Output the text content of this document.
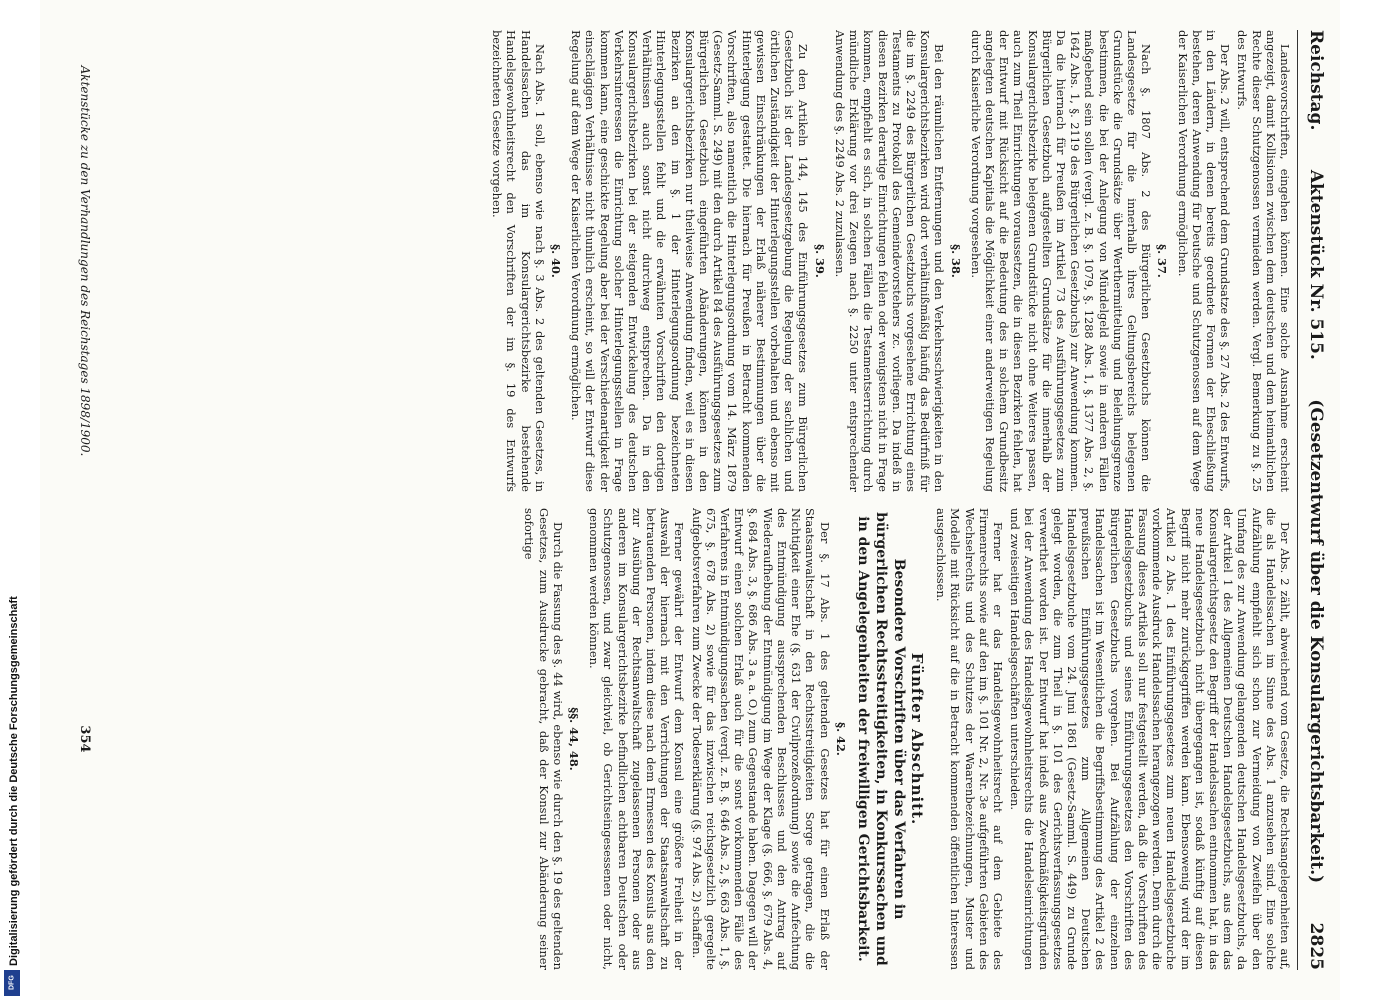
Reichstag.
Aktenstück Nr. 515.
(Gesetzentwurf über die Konsulargerichtsbarkeit.)
2825
Landesvorschriften, eingehen können. Eine solche Ausnahme erscheint angezeigt, damit Kollisionen zwischen dem deutschen und dem heimathlichen Rechte dieser Schutzgenossen vermieden werden. Vergl. Bemerkung zu §. 25 des Entwurfs.
Der Abs. 2 will, entsprechend dem Grundsatze des §. 27 Abs. 2 des Entwurfs, in den Ländern, in denen bereits geordnete Formen der Eheschließung bestehen, deren Anwendung für Deutsche und Schutzgenossen auf dem Wege der Kaiserlichen Verordnung ermöglichen.
§. 37.
Nach §. 1807 Abs. 2 des Bürgerlichen Gesetzbuchs können die Landesgesetze für die innerhalb ihres Geltungsbereichs belegenen Grundstücke die Grundsätze über Werthermittelung und Beleihungsgrenze bestimmen, die bei der Anlegung von Mündelgeld sowie in anderen Fällen maßgebend sein sollen (vergl. z. B. §. 1079, §. 1288 Abs. 1, §. 1377 Abs. 2, §. 1642 Abs. 1, §. 2119 des Bürgerlichen Gesetzbuchs) zur Anwendung kommen. Da die hiernach für Preußen im Artikel 73 des Ausführungsgesetzes zum Bürgerlichen Gesetzbuch aufgestellten Grundsätze für die innerhalb der Konsulargerichtsbezirke belegenen Grundstücke nicht ohne Weiteres passen, auch zum Theil Einrichtungen voraussetzen, die in diesen Bezirken fehlen, hat der Entwurf mit Rücksicht auf die Bedeutung des in solchem Grundbesitz angelegten deutschen Kapitals die Möglichkeit einer anderweitigen Regelung durch Kaiserliche Verordnung vorgesehen.
§. 38.
Bei den räumlichen Entfernungen und den Verkehrsschwierigkeiten in den Konsulargerichtsbezirken wird dort verhältnißmäßig häufig das Bedürfniß für die im §. 2249 des Bürgerlichen Gesetzbuchs vorgesehene Errichtung eines Testaments zu Protokoll des Gemeindevorstehers zc. vorliegen. Da indeß in diesen Bezirken derartige Einrichtungen fehlen oder wenigstens nicht in Frage kommen, empfiehlt es sich, in solchen Fällen die Testamentserrichtung durch mündliche Erklärung vor drei Zeugen nach §. 2250 unter entsprechender Anwendung des §. 2249 Abs. 2 zuzulassen.
§. 39.
Zu den Artikeln 144, 145 des Einführungsgesetzes zum Bürgerlichen Gesetzbuch ist der Landesgesetzgebung die Regelung der sachlichen und örtlichen Zuständigkeit der Hinterlegungsstellen vorbehalten und ebenso mit gewissen Einschränkungen der Erlaß näherer Bestimmungen über die Hinterlegung gestattet. Die hiernach für Preußen in Betracht kommenden Vorschriften, also namentlich die Hinterlegungsordnung vom 14. März 1879 (Gesetz-Samml. S. 249) mit den durch Artikel 84 des Ausführungsgesetzes zum Bürgerlichen Gesetzbuch eingeführten Abänderungen, können in den Konsulargerichtsbezirken nur theilweise Anwendung finden, weil es in diesen Bezirken an den im §. 1 der Hinterlegungsordnung bezeichneten Hinterlegungsstellen fehlt und die erwähnten Vorschriften den dortigen Verhältnissen auch sonst nicht durchweg entsprechen. Da in den Konsulargerichtsbezirken bei der steigenden Entwickelung des deutschen Verkehrsinteressen die Einrichtung solcher Hinterlegungsstellen in Frage kommen kann, eine geschickte Regelung aber bei der Verschiedenartigkeit der einschlägigen Verhältnisse nicht thunlich erscheint, so will der Entwurf diese Regelung auf dem Wege der Kaiserlichen Verordnung ermöglichen.
§. 40.
Nach Abs. 1 soll, ebenso wie nach §. 3 Abs. 2 des geltenden Gesetzes, in Handelssachen das im Konsulargerichtsbezirke bestehende Handelsgewohnheitsrecht den Vorschriften der im §. 19 des Entwurfs bezeichneten Gesetze vorgehen.
Der Abs. 2 zählt, abweichend vom Gesetze, die Rechtsangelegenheiten auf, die als Handelssachen im Sinne des Abs. 1 anzusehen sind. Eine solche Aufzählung empfiehlt sich schon zur Vermeidung von Zweifeln über den Umfang des zur Anwendung gelangenden deutschen Handelsgesetzbuchs, da der Artikel 1 des Allgemeinen Deutschen Handelsgesetzbuchs, aus dem das Konsulargerichtsgesetz den Begriff der Handelssachen entnommen hat, in das neue Handelsgesetzbuch nicht übergegangen ist, sodaß künftig auf diesen Begriff nicht mehr zurückgegriffen werden kann. Ebensowenig wird der im Artikel 2 Abs. 1 des Einführungsgesetzes zum neuen Handelsgesetzbuche vorkommende Ausdruck Handelssachen herangezogen werden. Denn durch die Fassung dieses Artikels soll nur festgestellt werden, daß die Vorschriften des Handelsgesetzbuchs und seines Einführungsgesetzes den Vorschriften des Bürgerlichen Gesetzbuchs vorgehen. Bei Aufzählung der einzelnen Handelssachen ist im Wesentlichen die Begriffsbestimmung des Artikel 2 des preußischen Einführungsgesetzes zum Allgemeinen Deutschen Handelsgesetzbuche vom 24. Juni 1861 (Gesetz-Samml. S. 449) zu Grunde gelegt worden, die zum Theil in §. 101 des Gerichtsverfassungsgesetzes verwerthet worden ist. Der Entwurf hat indeß aus Zweckmäßigkeitsgründen bei der Anwendung des Handelsgewohnheitsrechts die Handelseinrichtungen und zweiseitigen Handelsgeschäften unterschieden.
Ferner hat er das Handelsgewohnheitsrecht auf dem Gebiete des Firmenrechts sowie auf den im §. 101 Nr. 2, Nr. 3e aufgeführten Gebieten des Wechselrechts und des Schutzes der Waarenbezeichnungen, Muster und Modelle mit Rücksicht auf die in Betracht kommenden öffentlichen Interessen ausgeschlossen.
Fünfter Abschnitt.
Besondere Vorschriften über das Verfahren in bürgerlichen Rechtsstreitigkeiten, in Konkurssachen und in den Angelegenheiten der freiwilligen Gerichtsbarkeit.
§. 42.
Der §. 17 Abs. 1 des geltenden Gesetzes hat für einen Erlaß der Staatsanwaltschaft in den Rechtsstreitigkeiten Sorge getragen, die die Nichtigkeit einer Ehe (§. 631 der Civilprozeßordnung) sowie die Anfechtung des Entmündigung aussprechenden Beschlusses und den Antrag auf Wiederaufhebung der Entmündigung im Wege der Klage (§. 666, §. 679 Abs. 4, §. 684 Abs. 3, §. 686 Abs. 3 a. a. O.) zum Gegenstande haben. Dagegen will der Entwurf einen solchen Erlaß auch für die sonst vorkommenden Fälle des Verfahrens in Entmündigungssachen (vergl. z. B. §. 646 Abs. 2, §. 663 Abs. 1, §. 675, §. 678 Abs. 2) sowie für das inzwischen reichsgesetzlich geregelte Aufgebotsverfahren zum Zwecke der Todeserklärung (§. 974 Abs. 2) schaffen.
Ferner gewährt der Entwurf dem Konsul eine größere Freiheit in der Auswahl der hiernach mit den Verrichtungen der Staatsanwaltschaft zu betrauenden Personen, indem diese nach dem Ermessen des Konsuls aus den zur Ausübung der Rechtsanwaltschaft zugelassenen Personen oder aus anderen im Konsulargerichtsbezirke befindlichen achtbaren Deutschen oder Schutzgenossen, und zwar gleichviel, ob Gerichtseingesessenen oder nicht, genommen werden können.
§§. 44, 48.
Durch die Fassung des §. 44 wird, ebenso wie durch den §. 19 des geltenden Gesetzes, zum Ausdrucke gebracht, daß der Konsul zur Abänderung seiner sofortige
Aktenstücke zu den Verhandlungen des Reichstages 1898/1900.
354
Digitalisierung gefördert durch die Deutsche Forschungsgemeinschaft
DFG
